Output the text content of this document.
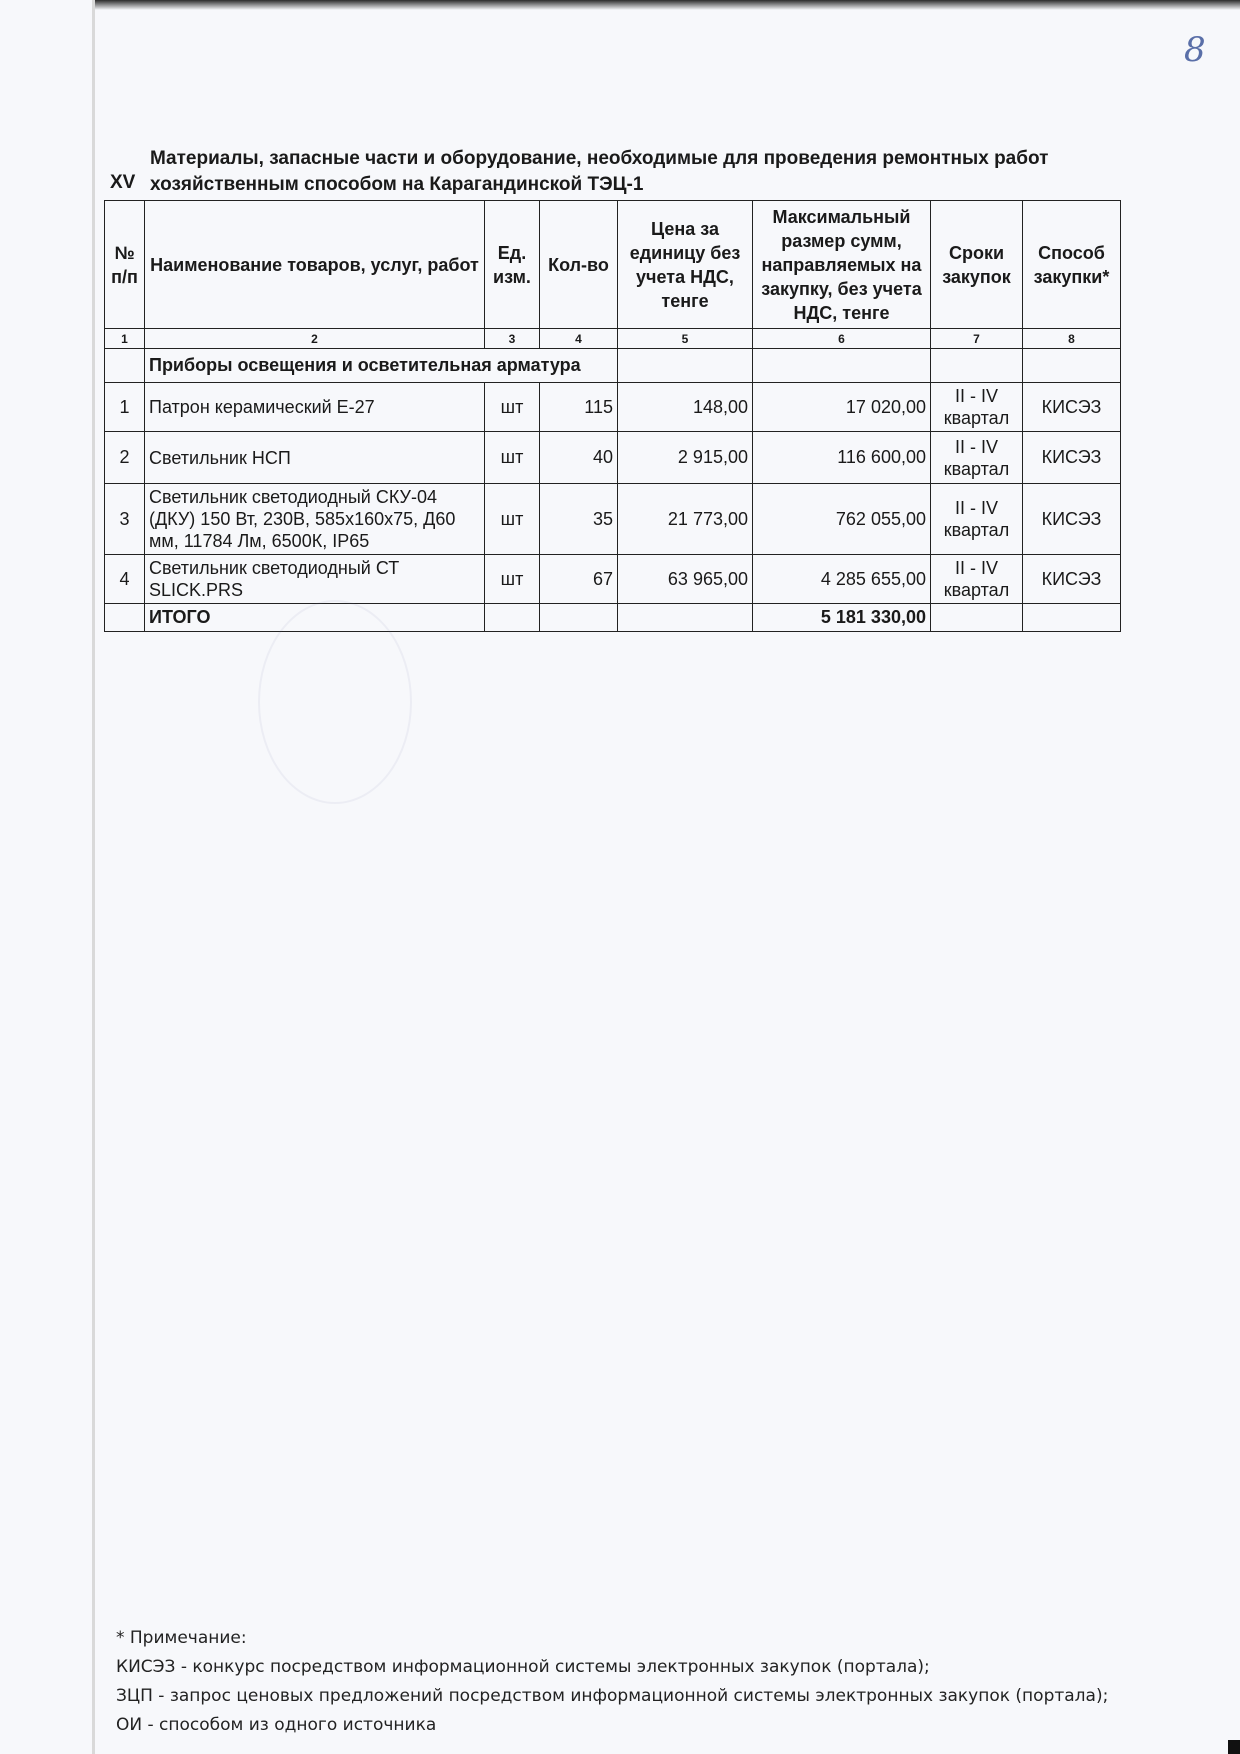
8
XV
Материалы, запасные части и оборудование, необходимые для проведения ремонтных работ
хозяйственным способом на Карагандинской ТЭЦ-1
№ п/п	Наименование товаров, услуг, работ	Ед. изм.	Кол-во	Цена за единицу без учета НДС, тенге	Максимальный размер сумм, направляемых на закупку, без учета НДС, тенге	Сроки закупок	Способ закупки*
1	2	3	4	5	6	7	8
	Приборы освещения и осветительная арматура						
1	Патрон керамический Е-27	шт	115	148,00	17 020,00	II - IV квартал	КИСЭЗ
2	Светильник НСП	шт	40	2 915,00	116 600,00	II - IV квартал	КИСЭЗ
3	Светильник светодиодный СКУ-04 (ДКУ) 150 Вт, 230В, 585х160х75, Д60 мм, 11784 Лм, 6500К, IP65	шт	35	21 773,00	762 055,00	II - IV квартал	КИСЭЗ
4	Светильник светодиодный СТ SLICK.PRS	шт	67	63 965,00	4 285 655,00	II - IV квартал	КИСЭЗ
	ИТОГО				5 181 330,00		
* Примечание:
КИСЭЗ - конкурс посредством информационной системы электронных закупок (портала);
ЗЦП - запрос ценовых предложений посредством информационной системы электронных закупок (портала);
ОИ - способом из одного источника
